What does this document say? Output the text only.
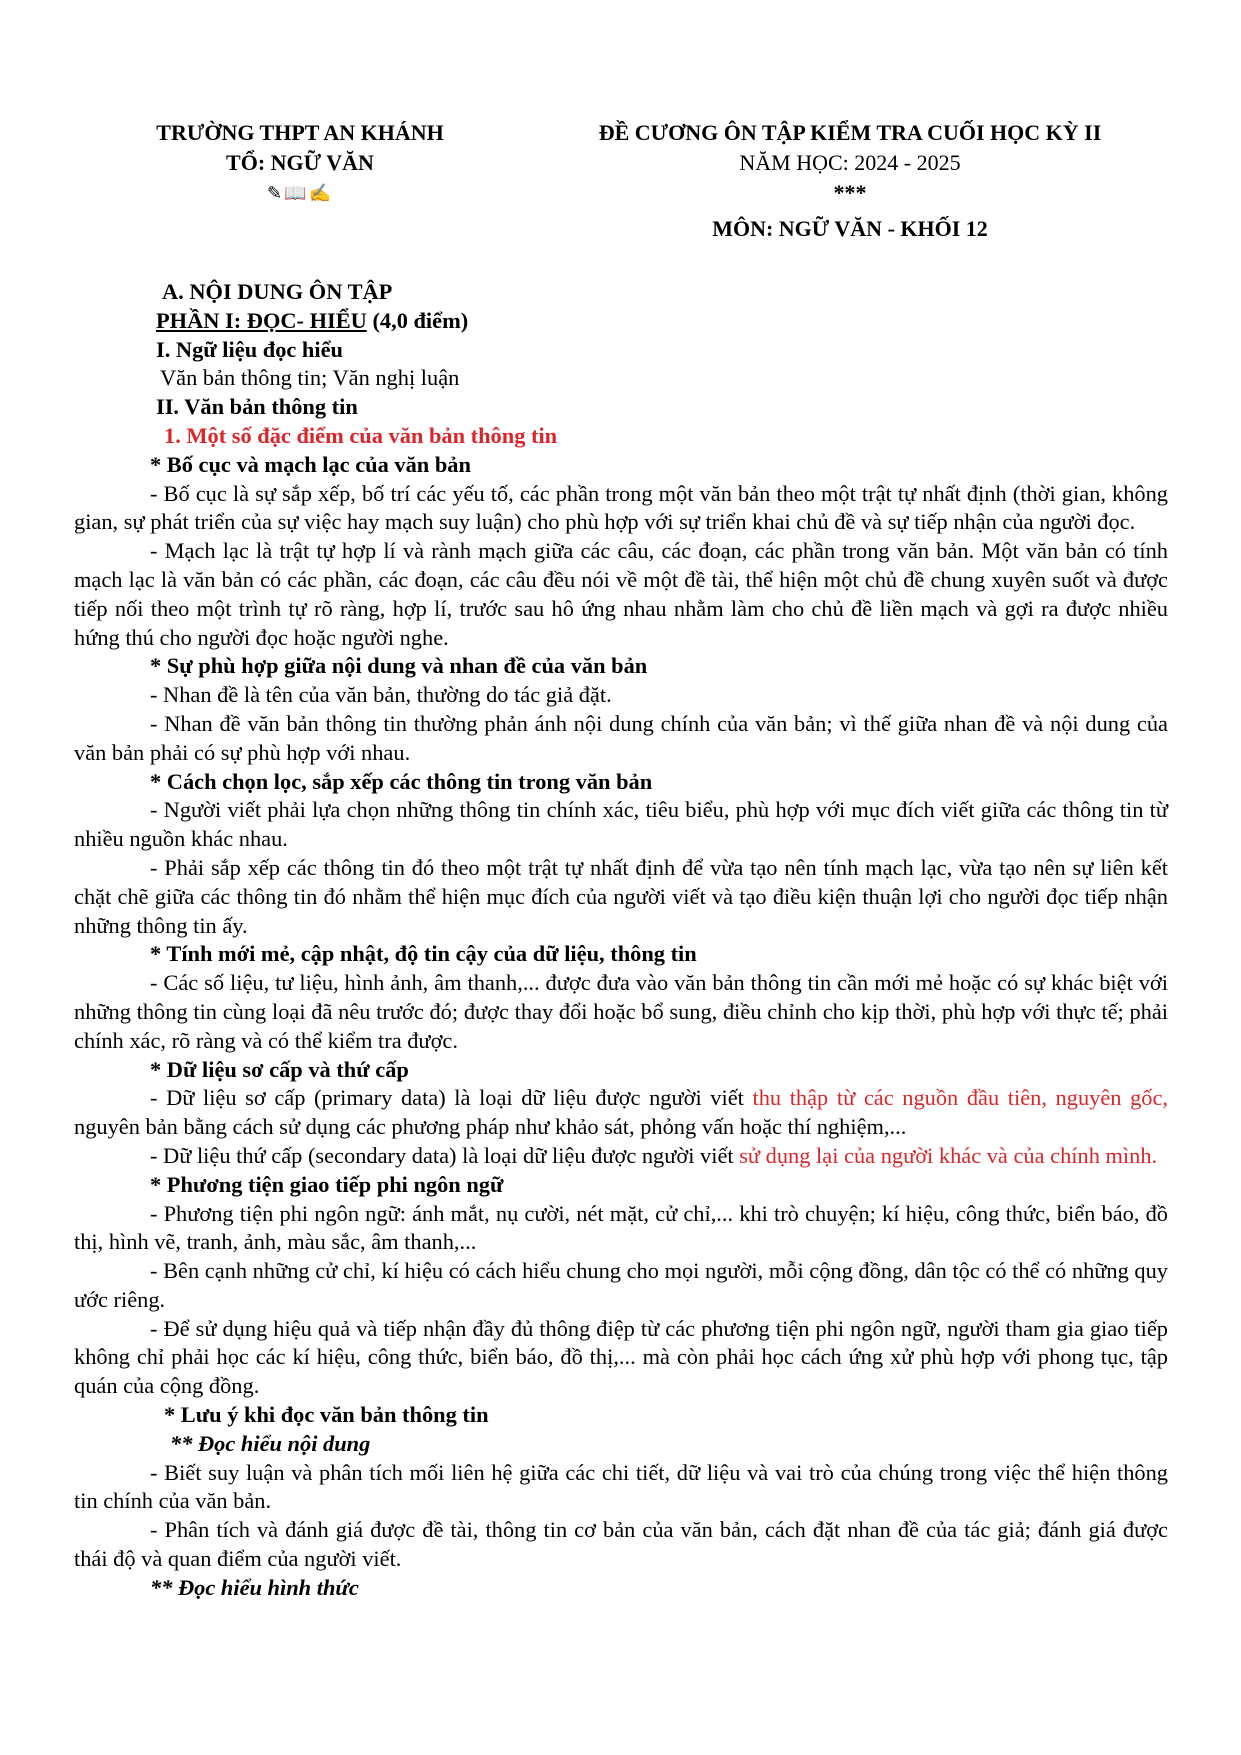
TRƯỜNG THPT AN KHÁNH
TỔ: NGỮ VĂN
✎📖✍
ĐỀ CƯƠNG ÔN TẬP KIỂM TRA CUỐI HỌC KỲ II
NĂM HỌC: 2024 - 2025
***
MÔN: NGỮ VĂN - KHỐI 12

A. NỘI DUNG ÔN TẬP

PHẦN I: ĐỌC- HIỂU (4,0 điểm)

I. Ngữ liệu đọc hiểu

Văn bản thông tin; Văn nghị luận

II. Văn bản thông tin

1. Một số đặc điểm của văn bản thông tin

* Bố cục và mạch lạc của văn bản

- Bố cục là sự sắp xếp, bố trí các yếu tố, các phần trong một văn bản theo một trật tự nhất định (thời gian, không gian, sự phát triển của sự việc hay mạch suy luận) cho phù hợp với sự triển khai chủ đề và sự tiếp nhận của người đọc.

- Mạch lạc là trật tự hợp lí và rành mạch giữa các câu, các đoạn, các phần trong văn bản. Một văn bản có tính mạch lạc là văn bản có các phần, các đoạn, các câu đều nói về một đề tài, thể hiện một chủ đề chung xuyên suốt và được tiếp nối theo một trình tự rõ ràng, hợp lí, trước sau hô ứng nhau nhằm làm cho chủ đề liền mạch và gợi ra được nhiều hứng thú cho người đọc hoặc người nghe.

* Sự phù hợp giữa nội dung và nhan đề của văn bản

- Nhan đề là tên của văn bản, thường do tác giả đặt.

- Nhan đề văn bản thông tin thường phản ánh nội dung chính của văn bản; vì thế giữa nhan đề và nội dung của văn bản phải có sự phù hợp với nhau.

* Cách chọn lọc, sắp xếp các thông tin trong văn bản

- Người viết phải lựa chọn những thông tin chính xác, tiêu biểu, phù hợp với mục đích viết giữa các thông tin từ nhiều nguồn khác nhau.

- Phải sắp xếp các thông tin đó theo một trật tự nhất định để vừa tạo nên tính mạch lạc, vừa tạo nên sự liên kết chặt chẽ giữa các thông tin đó nhằm thể hiện mục đích của người viết và tạo điều kiện thuận lợi cho người đọc tiếp nhận những thông tin ấy.

* Tính mới mẻ, cập nhật, độ tin cậy của dữ liệu, thông tin

- Các số liệu, tư liệu, hình ảnh, âm thanh,... được đưa vào văn bản thông tin cần mới mẻ hoặc có sự khác biệt với những thông tin cùng loại đã nêu trước đó; được thay đổi hoặc bổ sung, điều chỉnh cho kịp thời, phù hợp với thực tế; phải chính xác, rõ ràng và có thể kiểm tra được.

* Dữ liệu sơ cấp và thứ cấp

- Dữ liệu sơ cấp (primary data) là loại dữ liệu được người viết thu thập từ các nguồn đầu tiên, nguyên gốc, nguyên bản bằng cách sử dụng các phương pháp như khảo sát, phỏng vấn hoặc thí nghiệm,...

- Dữ liệu thứ cấp (secondary data) là loại dữ liệu được người viết sử dụng lại của người khác và của chính mình.

* Phương tiện giao tiếp phi ngôn ngữ

- Phương tiện phi ngôn ngữ: ánh mắt, nụ cười, nét mặt, cử chỉ,... khi trò chuyện; kí hiệu, công thức, biển báo, đồ thị, hình vẽ, tranh, ảnh, màu sắc, âm thanh,...

- Bên cạnh những cử chỉ, kí hiệu có cách hiểu chung cho mọi người, mỗi cộng đồng, dân tộc có thể có những quy ước riêng.

- Để sử dụng hiệu quả và tiếp nhận đầy đủ thông điệp từ các phương tiện phi ngôn ngữ, người tham gia giao tiếp không chỉ phải học các kí hiệu, công thức, biển báo, đồ thị,... mà còn phải học cách ứng xử phù hợp với phong tục, tập quán của cộng đồng.

* Lưu ý khi đọc văn bản thông tin

** Đọc hiểu nội dung

- Biết suy luận và phân tích mối liên hệ giữa các chi tiết, dữ liệu và vai trò của chúng trong việc thể hiện thông tin chính của văn bản.

- Phân tích và đánh giá được đề tài, thông tin cơ bản của văn bản, cách đặt nhan đề của tác giả; đánh giá được thái độ và quan điểm của người viết.

** Đọc hiểu hình thức
